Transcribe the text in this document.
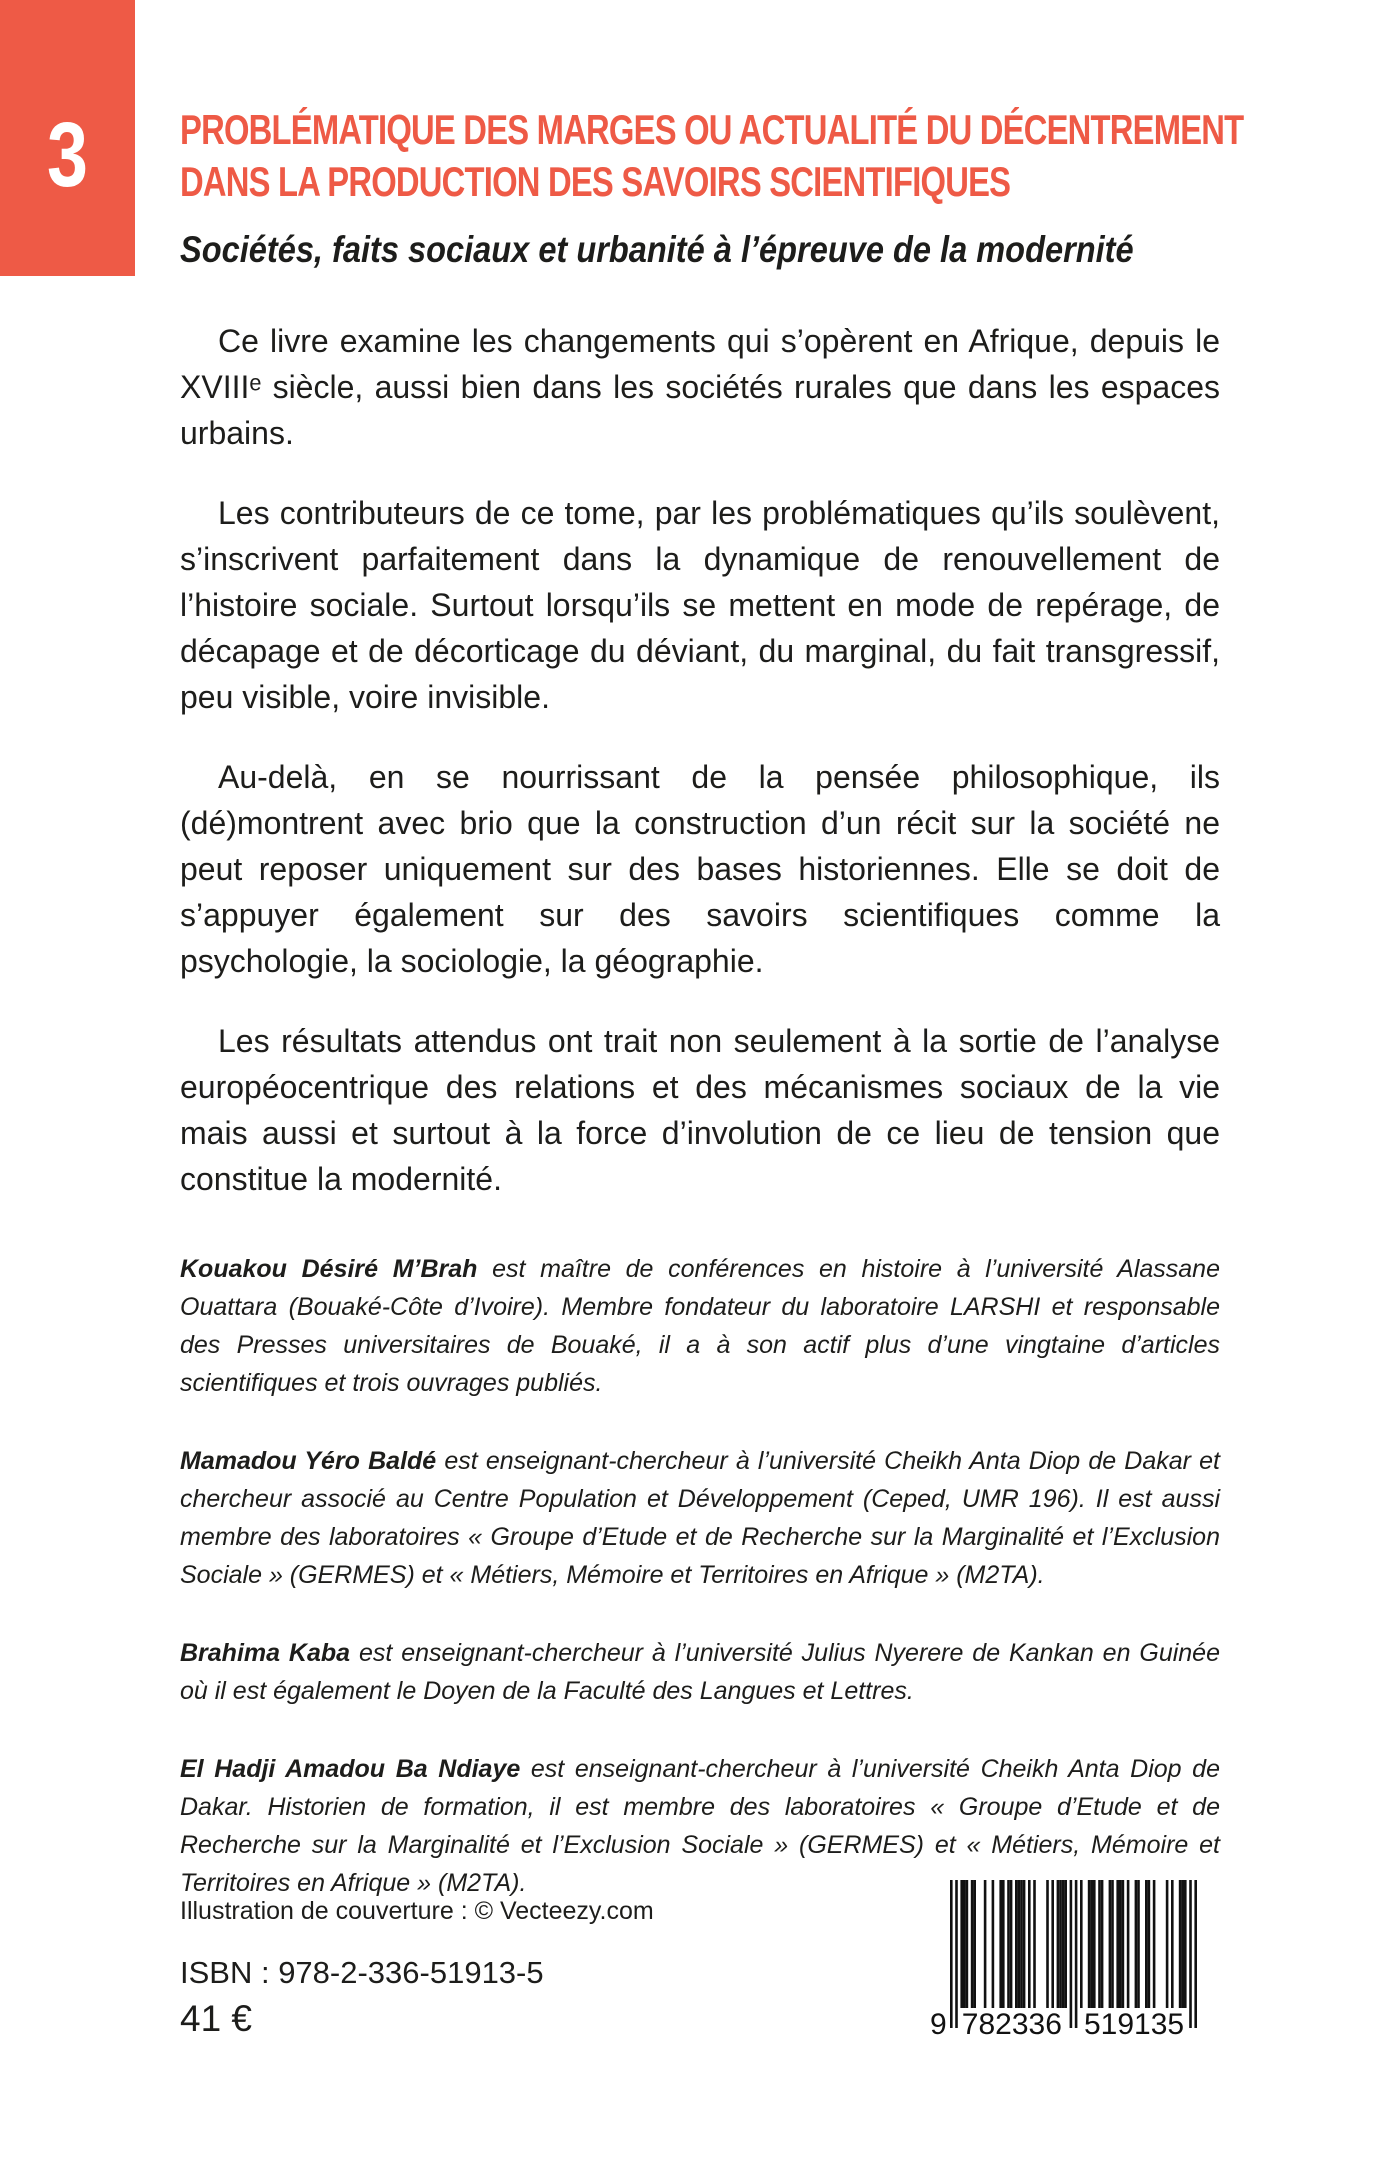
3	PROBLÉMATIQUE DES MARGES OU ACTUALITÉ DU DÉCENTREMENT
DANS LA PRODUCTION DES SAVOIRS SCIENTIFIQUES
Sociétés, faits sociaux et urbanité à l’épreuve de la modernité

Ce livre examine les changements qui s’opèrent en Afrique, depuis le XVIIIᵉ siècle, aussi bien dans les sociétés rurales que dans les espaces urbains.

Les contributeurs de ce tome, par les problématiques qu’ils soulèvent, s’inscrivent parfaitement dans la dynamique de renouvellement de l’histoire sociale. Surtout lorsqu’ils se mettent en mode de repérage, de décapage et de décorticage du déviant, du marginal, du fait transgressif, peu visible, voire invisible.

Au-delà, en se nourrissant de la pensée philosophique, ils (dé)montrent avec brio que la construction d’un récit sur la société ne peut reposer uniquement sur des bases historiennes. Elle se doit de s’appuyer également sur des savoirs scientifiques comme la psychologie, la sociologie, la géographie.

Les résultats attendus ont trait non seulement à la sortie de l’analyse européocentrique des relations et des mécanismes sociaux de la vie mais aussi et surtout à la force d’involution de ce lieu de tension que constitue la modernité.

Kouakou Désiré M’Brah est maître de conférences en histoire à l’université Alassane Ouattara (Bouaké-Côte d’Ivoire). Membre fondateur du laboratoire LARSHI et responsable des Presses universitaires de Bouaké, il a à son actif plus d’une vingtaine d’articles scientifiques et trois ouvrages publiés.

Mamadou Yéro Baldé est enseignant-chercheur à l’université Cheikh Anta Diop de Dakar et chercheur associé au Centre Population et Développement (Ceped, UMR 196). Il est aussi membre des laboratoires « Groupe d’Etude et de Recherche sur la Marginalité et l’Exclusion Sociale » (GERMES) et « Métiers, Mémoire et Territoires en Afrique » (M2TA).

Brahima Kaba est enseignant-chercheur à l’université Julius Nyerere de Kankan en Guinée où il est également le Doyen de la Faculté des Langues et Lettres.

El Hadji Amadou Ba Ndiaye est enseignant-chercheur à l’université Cheikh Anta Diop de Dakar. Historien de formation, il est membre des laboratoires « Groupe d’Etude et de Recherche sur la Marginalité et l’Exclusion Sociale » (GERMES) et « Métiers, Mémoire et Territoires en Afrique » (M2TA).

Illustration de couverture : © Vecteezy.com
ISBN : 978-2-336-51913-5
41 €	9 782336 519135
